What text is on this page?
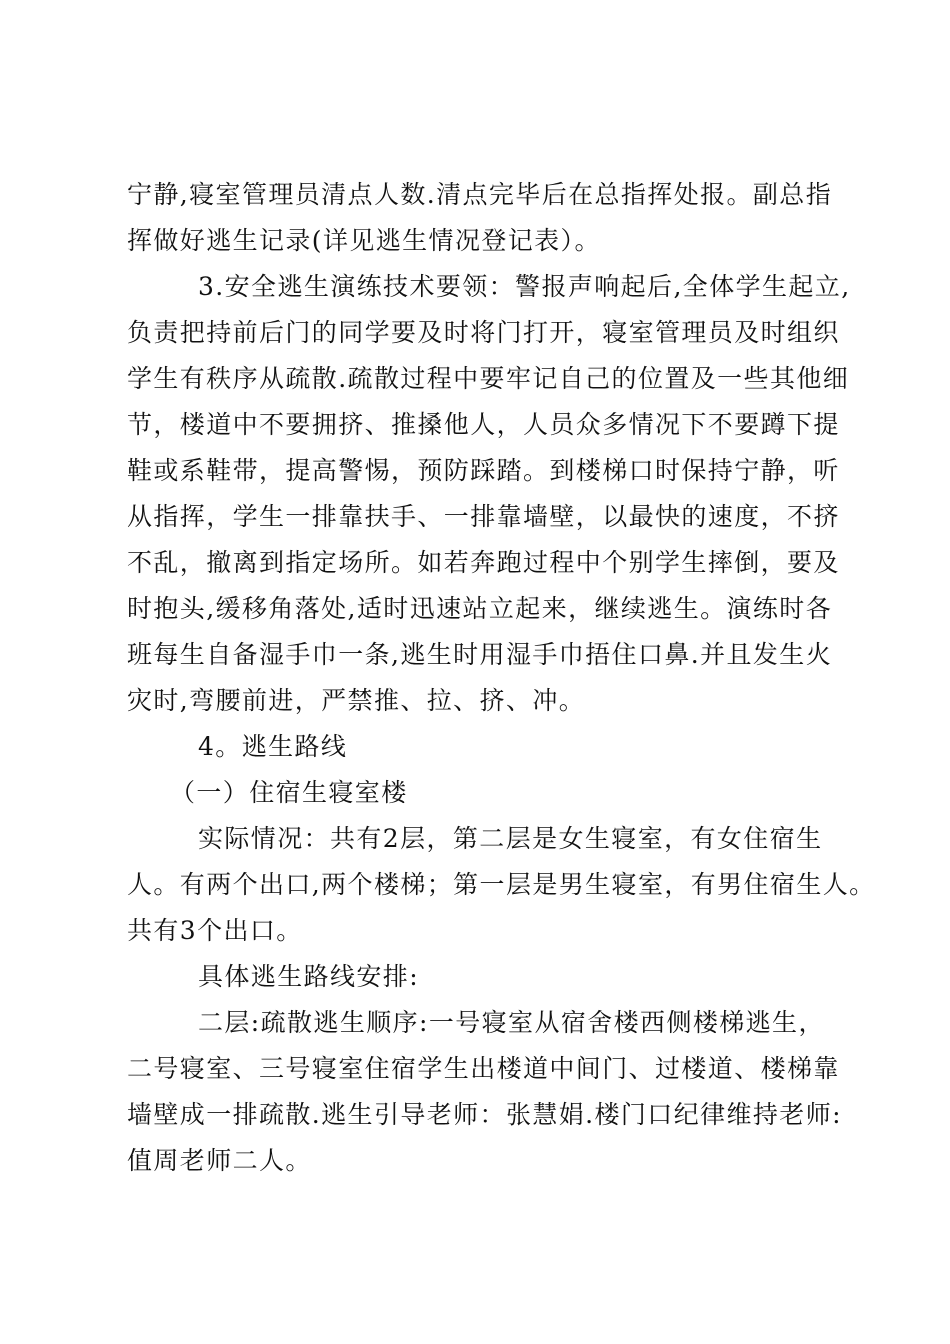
宁静,寝室管理员清点人数.清点完毕后在总指挥处报。副总指
挥做好逃生记录(详见逃生情况登记表）。
3.安全逃生演练技术要领：警报声响起后,全体学生起立,
负责把持前后门的同学要及时将门打开，寝室管理员及时组织
学生有秩序从疏散.疏散过程中要牢记自己的位置及一些其他细
节，楼道中不要拥挤、推搡他人，人员众多情况下不要蹲下提
鞋或系鞋带，提高警惕，预防踩踏。到楼梯口时保持宁静，听
从指挥，学生一排靠扶手、一排靠墙壁，以最快的速度，不挤
不乱，撤离到指定场所。如若奔跑过程中个别学生摔倒，要及
时抱头,缓移角落处,适时迅速站立起来，继续逃生。演练时各
班每生自备湿手巾一条,逃生时用湿手巾捂住口鼻.并且发生火
灾时,弯腰前进，严禁推、拉、挤、冲。
4。逃生路线
（一）住宿生寝室楼
实际情况：共有2层，第二层是女生寝室，有女住宿生
人。有两个出口,两个楼梯；第一层是男生寝室，有男住宿生人。
共有3个出口。
具体逃生路线安排:
二层:疏散逃生顺序:一号寝室从宿舍楼西侧楼梯逃生，
二号寝室、三号寝室住宿学生出楼道中间门、过楼道、楼梯靠
墙壁成一排疏散.逃生引导老师：张慧娟.楼门口纪律维持老师:
值周老师二人。
